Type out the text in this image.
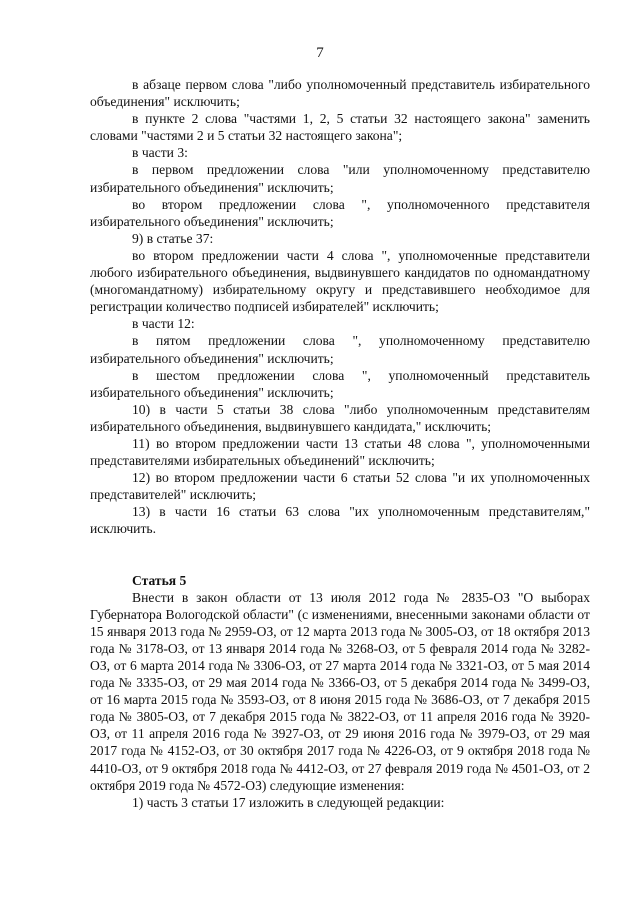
7

в абзаце первом слова "либо уполномоченный представитель избирательного объединения" исключить;

в пункте 2 слова "частями 1, 2, 5 статьи 32 настоящего закона" заменить словами "частями 2 и 5 статьи 32 настоящего закона";

в части 3:

в первом предложении слова "или уполномоченному представителю избирательного объединения" исключить;

во втором предложении слова ", уполномоченного представителя избирательного объединения" исключить;

9) в статье 37:

во втором предложении части 4 слова ", уполномоченные представители любого избирательного объединения, выдвинувшего кандидатов по одномандатному (многомандатному) избирательному округу и представившего необходимое для регистрации количество подписей избирателей" исключить;

в части 12:

в пятом предложении слова ", уполномоченному представителю избирательного объединения" исключить;

в шестом предложении слова ", уполномоченный представитель избирательного объединения" исключить;

10) в части 5 статьи 38 слова "либо уполномоченным представителям избирательного объединения, выдвинувшего кандидата," исключить;

11) во втором предложении части 13 статьи 48 слова ", уполномоченными представителями избирательных объединений" исключить;

12) во втором предложении части 6 статьи 52 слова "и их уполномоченных представителей" исключить;

13) в части 16 статьи 63 слова "их уполномоченным представителям," исключить.

Статья 5

Внести в закон области от 13 июля 2012 года № 2835-ОЗ "О выборах Губернатора Вологодской области" (с изменениями, внесенными законами области от 15 января 2013 года № 2959-ОЗ, от 12 марта 2013 года № 3005-ОЗ, от 18 октября 2013 года № 3178-ОЗ, от 13 января 2014 года № 3268-ОЗ, от 5 февраля 2014 года № 3282-ОЗ, от 6 марта 2014 года № 3306-ОЗ, от 27 марта 2014 года № 3321-ОЗ, от 5 мая 2014 года № 3335-ОЗ, от 29 мая 2014 года № 3366-ОЗ, от 5 декабря 2014 года № 3499-ОЗ, от 16 марта 2015 года № 3593-ОЗ, от 8 июня 2015 года № 3686-ОЗ, от 7 декабря 2015 года № 3805-ОЗ, от 7 декабря 2015 года № 3822-ОЗ, от 11 апреля 2016 года № 3920-ОЗ, от 11 апреля 2016 года № 3927-ОЗ, от 29 июня 2016 года № 3979-ОЗ, от 29 мая 2017 года № 4152-ОЗ, от 30 октября 2017 года № 4226-ОЗ, от 9 октября 2018 года № 4410-ОЗ, от 9 октября 2018 года № 4412-ОЗ, от 27 февраля 2019 года № 4501-ОЗ, от 2 октября 2019 года № 4572-ОЗ) следующие изменения:

1) часть 3 статьи 17 изложить в следующей редакции:
